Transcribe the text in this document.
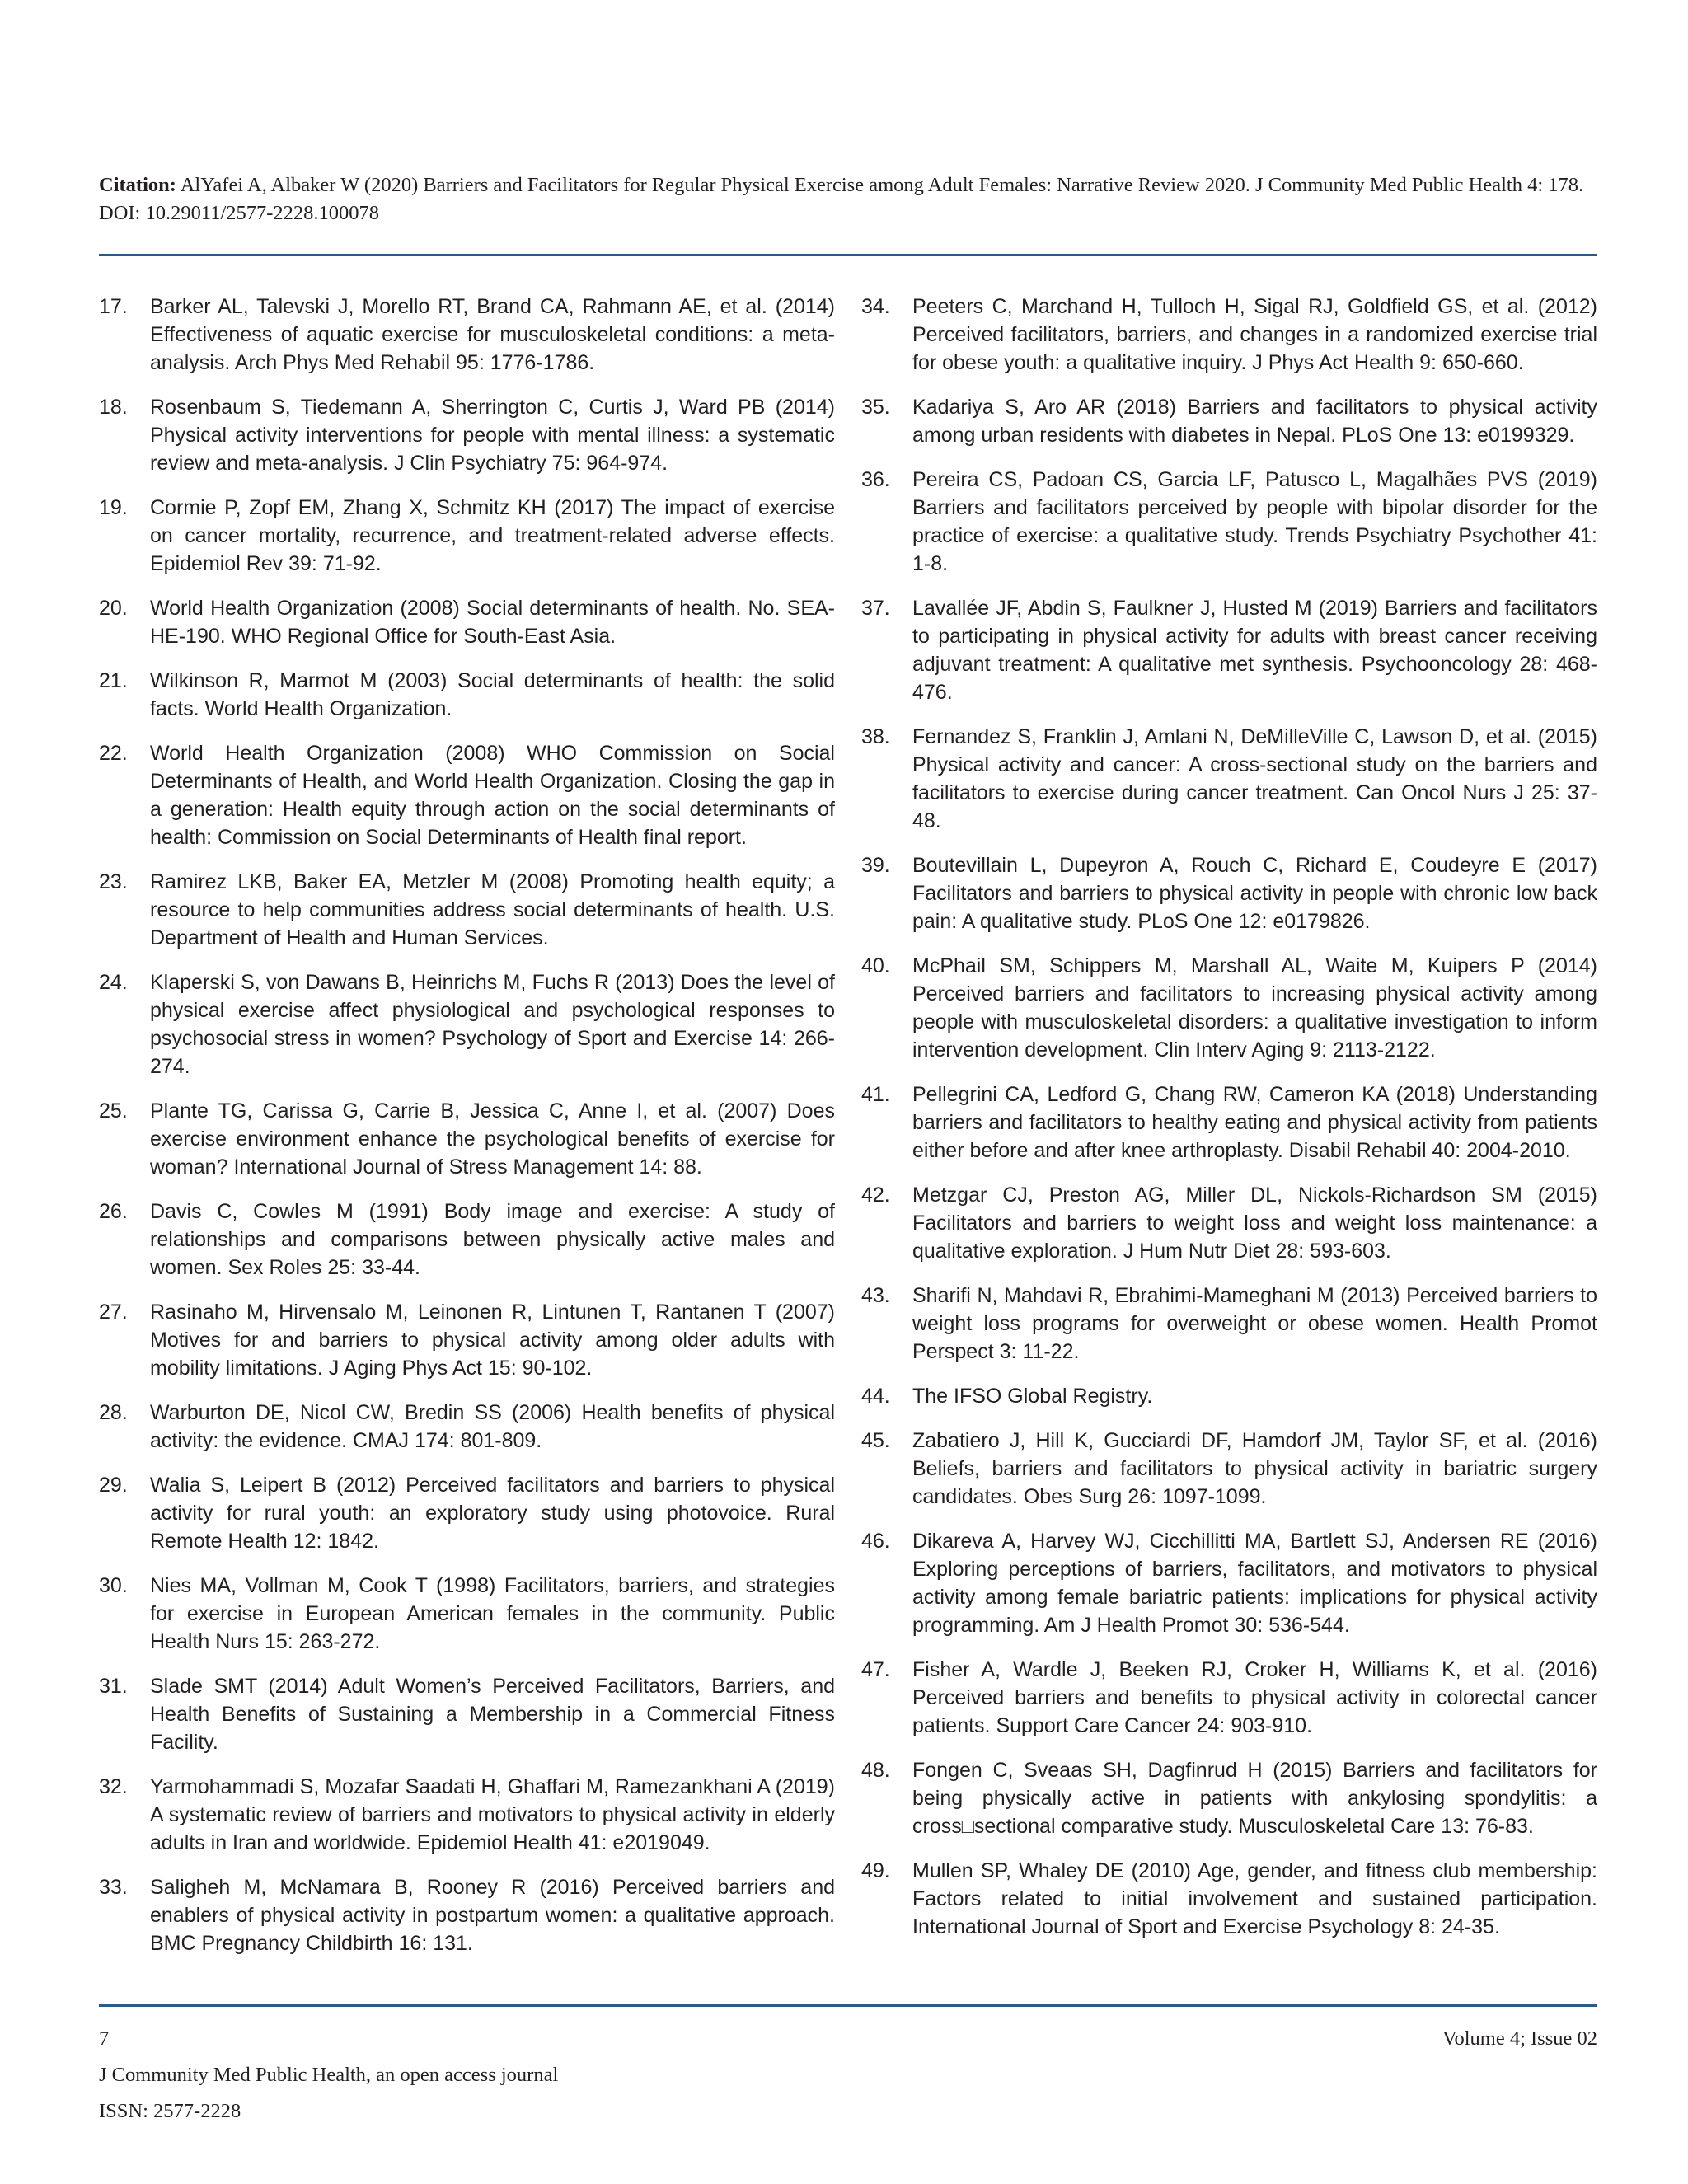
Citation: AlYafei A, Albaker W (2020) Barriers and Facilitators for Regular Physical Exercise among Adult Females: Narrative Review 2020. J Community Med Public Health 4: 178. DOI: 10.29011/2577-2228.100078
17.	Barker AL, Talevski J, Morello RT, Brand CA, Rahmann AE, et al. (2014) Effectiveness of aquatic exercise for musculoskeletal conditions: a meta-analysis. Arch Phys Med Rehabil 95: 1776-1786.
18.	Rosenbaum S, Tiedemann A, Sherrington C, Curtis J, Ward PB (2014) Physical activity interventions for people with mental illness: a systematic review and meta-analysis. J Clin Psychiatry 75: 964-974.
19.	Cormie P, Zopf EM, Zhang X, Schmitz KH (2017) The impact of exercise on cancer mortality, recurrence, and treatment-related adverse effects. Epidemiol Rev 39: 71-92.
20.	World Health Organization (2008) Social determinants of health. No. SEA-HE-190. WHO Regional Office for South-East Asia.
21.	Wilkinson R, Marmot M (2003) Social determinants of health: the solid facts. World Health Organization.
22.	World Health Organization (2008) WHO Commission on Social Determinants of Health, and World Health Organization. Closing the gap in a generation: Health equity through action on the social determinants of health: Commission on Social Determinants of Health final report.
23.	Ramirez LKB, Baker EA, Metzler M (2008) Promoting health equity; a resource to help communities address social determinants of health. U.S. Department of Health and Human Services.
24.	Klaperski S, von Dawans B, Heinrichs M, Fuchs R (2013) Does the level of physical exercise affect physiological and psychological responses to psychosocial stress in women? Psychology of Sport and Exercise 14: 266-274.
25.	Plante TG, Carissa G, Carrie B, Jessica C, Anne I, et al. (2007) Does exercise environment enhance the psychological benefits of exercise for woman? International Journal of Stress Management 14: 88.
26.	Davis C, Cowles M (1991) Body image and exercise: A study of relationships and comparisons between physically active males and women. Sex Roles 25: 33-44.
27.	Rasinaho M, Hirvensalo M, Leinonen R, Lintunen T, Rantanen T (2007) Motives for and barriers to physical activity among older adults with mobility limitations. J Aging Phys Act 15: 90-102.
28.	Warburton DE, Nicol CW, Bredin SS (2006) Health benefits of physical activity: the evidence. CMAJ 174: 801-809.
29.	Walia S, Leipert B (2012) Perceived facilitators and barriers to physical activity for rural youth: an exploratory study using photovoice. Rural Remote Health 12: 1842.
30.	Nies MA, Vollman M, Cook T (1998) Facilitators, barriers, and strategies for exercise in European American females in the community. Public Health Nurs 15: 263-272.
31.	Slade SMT (2014) Adult Women’s Perceived Facilitators, Barriers, and Health Benefits of Sustaining a Membership in a Commercial Fitness Facility.
32.	Yarmohammadi S, Mozafar Saadati H, Ghaffari M, Ramezankhani A (2019) A systematic review of barriers and motivators to physical activity in elderly adults in Iran and worldwide. Epidemiol Health 41: e2019049.
33.	Saligheh M, McNamara B, Rooney R (2016) Perceived barriers and enablers of physical activity in postpartum women: a qualitative approach. BMC Pregnancy Childbirth 16: 131.
34.	Peeters C, Marchand H, Tulloch H, Sigal RJ, Goldfield GS, et al. (2012) Perceived facilitators, barriers, and changes in a randomized exercise trial for obese youth: a qualitative inquiry. J Phys Act Health 9: 650-660.
35.	Kadariya S, Aro AR (2018) Barriers and facilitators to physical activity among urban residents with diabetes in Nepal. PLoS One 13: e0199329.
36.	Pereira CS, Padoan CS, Garcia LF, Patusco L, Magalhães PVS (2019) Barriers and facilitators perceived by people with bipolar disorder for the practice of exercise: a qualitative study. Trends Psychiatry Psychother 41: 1-8.
37.	Lavallée JF, Abdin S, Faulkner J, Husted M (2019) Barriers and facilitators to participating in physical activity for adults with breast cancer receiving adjuvant treatment: A qualitative met synthesis. Psychooncology 28: 468-476.
38.	Fernandez S, Franklin J, Amlani N, DeMilleVille C, Lawson D, et al. (2015) Physical activity and cancer: A cross-sectional study on the barriers and facilitators to exercise during cancer treatment. Can Oncol Nurs J 25: 37-48.
39.	Boutevillain L, Dupeyron A, Rouch C, Richard E, Coudeyre E (2017) Facilitators and barriers to physical activity in people with chronic low back pain: A qualitative study. PLoS One 12: e0179826.
40.	McPhail SM, Schippers M, Marshall AL, Waite M, Kuipers P (2014) Perceived barriers and facilitators to increasing physical activity among people with musculoskeletal disorders: a qualitative investigation to inform intervention development. Clin Interv Aging 9: 2113-2122.
41.	Pellegrini CA, Ledford G, Chang RW, Cameron KA (2018) Understanding barriers and facilitators to healthy eating and physical activity from patients either before and after knee arthroplasty. Disabil Rehabil 40: 2004-2010.
42.	Metzgar CJ, Preston AG, Miller DL, Nickols-Richardson SM (2015) Facilitators and barriers to weight loss and weight loss maintenance: a qualitative exploration. J Hum Nutr Diet 28: 593-603.
43.	Sharifi N, Mahdavi R, Ebrahimi-Mameghani M (2013) Perceived barriers to weight loss programs for overweight or obese women. Health Promot Perspect 3: 11-22.
44.	The IFSO Global Registry.
45.	Zabatiero J, Hill K, Gucciardi DF, Hamdorf JM, Taylor SF, et al. (2016) Beliefs, barriers and facilitators to physical activity in bariatric surgery candidates. Obes Surg 26: 1097-1099.
46.	Dikareva A, Harvey WJ, Cicchillitti MA, Bartlett SJ, Andersen RE (2016) Exploring perceptions of barriers, facilitators, and motivators to physical activity among female bariatric patients: implications for physical activity programming. Am J Health Promot 30: 536-544.
47.	Fisher A, Wardle J, Beeken RJ, Croker H, Williams K, et al. (2016) Perceived barriers and benefits to physical activity in colorectal cancer patients. Support Care Cancer 24: 903-910.
48.	Fongen C, Sveaas SH, Dagfinrud H (2015) Barriers and facilitators for being physically active in patients with ankylosing spondylitis: a cross□sectional comparative study. Musculoskeletal Care 13: 76-83.
49.	Mullen SP, Whaley DE (2010) Age, gender, and fitness club membership: Factors related to initial involvement and sustained participation. International Journal of Sport and Exercise Psychology 8: 24-35.
7	Volume 4; Issue 02
J Community Med Public Health, an open access journal
ISSN: 2577-2228
